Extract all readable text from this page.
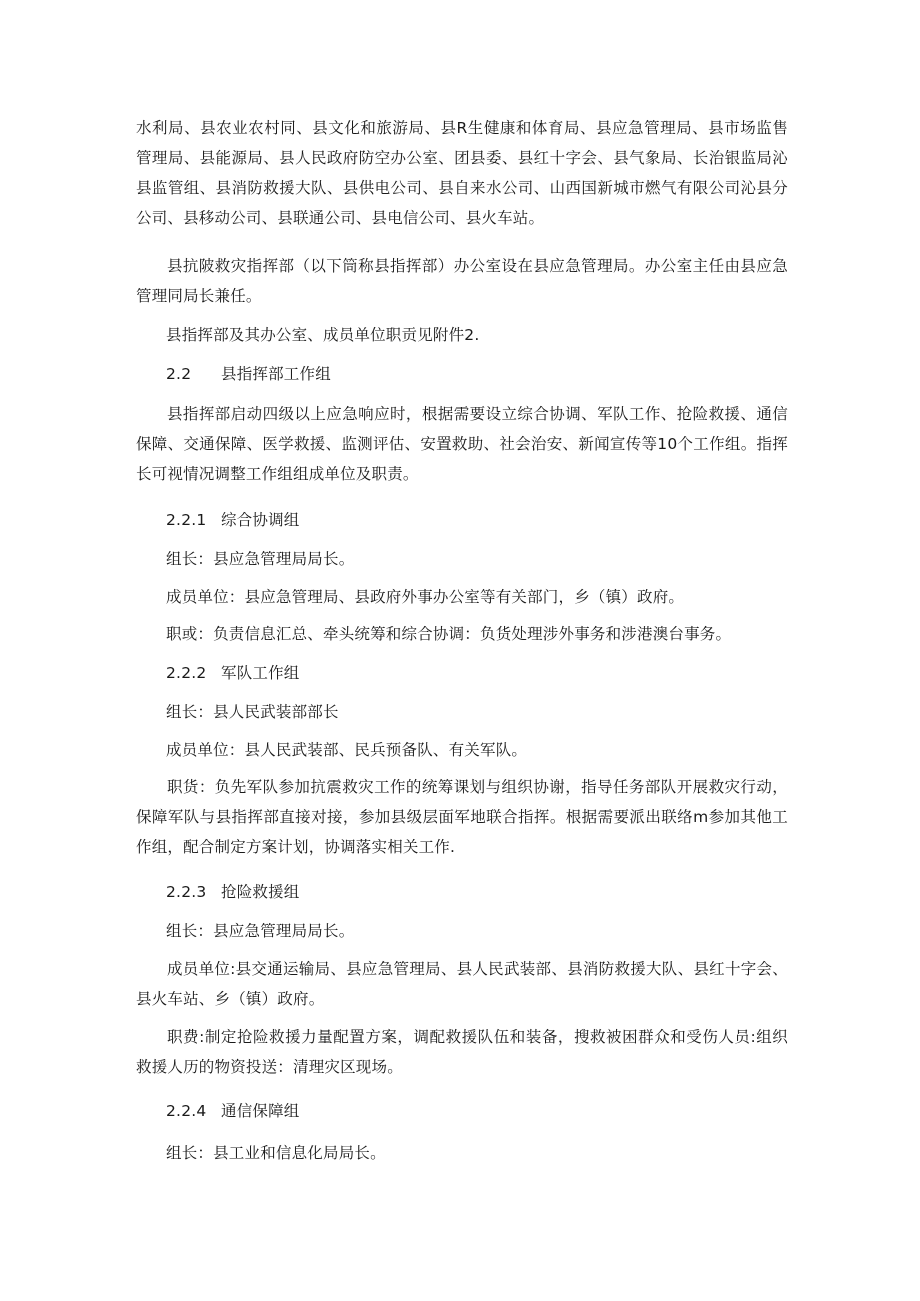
水利局、县农业农村同、县文化和旅游局、县R生健康和体育局、县应急管理局、县市场监售管理局、县能源局、县人民政府防空办公室、团县委、县红十字会、县气象局、长治银监局沁县监管组、县消防救援大队、县供电公司、县自来水公司、山西国新城市燃气有限公司沁县分公司、县移动公司、县联通公司、县电信公司、县火车站。

县抗陂救灾指挥部（以下筒称县指挥部）办公室设在县应急管理局。办公室主任由县应急管理同局长兼任。

县指挥部及其办公室、成员单位职贡见附件2.

2.2 县指挥部工作组

县指挥部启动四级以上应急响应时，根据需要设立综合协调、军队工作、抢险救援、通信保障、交通保障、医学救援、监测评估、安置救助、社会治安、新闻宣传等10个工作组。指挥长可视情况调整工作组组成单位及职责。

2.2.1 综合协调组

组长：县应急管理局局长。

成员单位：县应急管理局、县政府外事办公室等有关部门，乡（镇）政府。

职或：负责信息汇总、牵头统筹和综合协调：负货处理涉外事务和涉港澳台事务。

2.2.2 军队工作组

组长：县人民武装部部长

成员单位：县人民武装部、民兵预备队、有关军队。

职货：负先军队参加抗震救灾工作的统筹课划与组织协谢，指导任务部队开展救灾行动，保障军队与县指挥部直接对接，参加县级层面军地联合指挥。根据需要派出联络m参加其他工作组，配合制定方案计划，协调落实相关工作.

2.2.3 抢险救援组

组长：县应急管理局局长。

成员单位:县交通运输局、县应急管理局、县人民武装部、县消防救援大队、县红十字会、县火车站、乡（镇）政府。

职费:制定抢险救援力量配置方案，调配救援队伍和装备，搜救被困群众和受伤人员:组织救援人历的物资投送：清理灾区现场。

2.2.4 通信保障组

组长：县工业和信息化局局长。
